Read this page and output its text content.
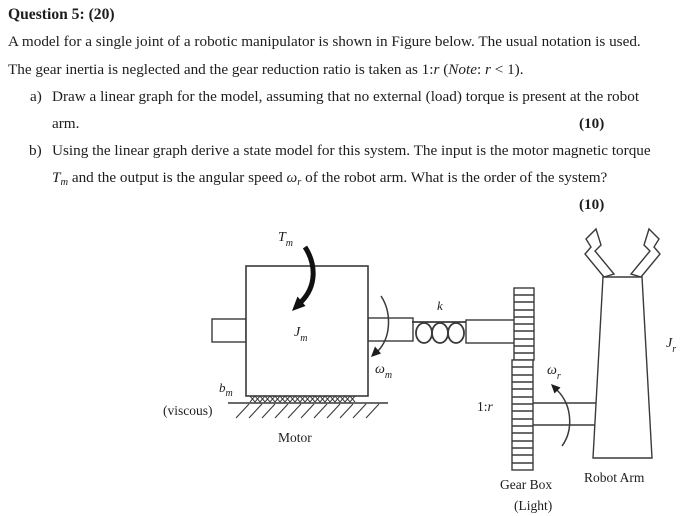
Question 5: (20)
A model for a single joint of a robotic manipulator is shown in Figure below. The usual notation is used.
The gear inertia is neglected and the gear reduction ratio is taken as 1:r (Note: r < 1).
a) Draw a linear graph for the model, assuming that no external (load) torque is present at the robot
arm.	(10)
b) Using the linear graph derive a state model for this system. The input is the motor magnetic torque
$T_m$ and the output is the angular speed $\omega_r$ of the robot arm. What is the order of the system?
(10)
$T_m$
$J_m$
$\omega_m$
k
$b_m$
(viscous)
Motor
1:r
$\omega_r$
$J_r$
Gear Box
(Light)
Robot Arm
